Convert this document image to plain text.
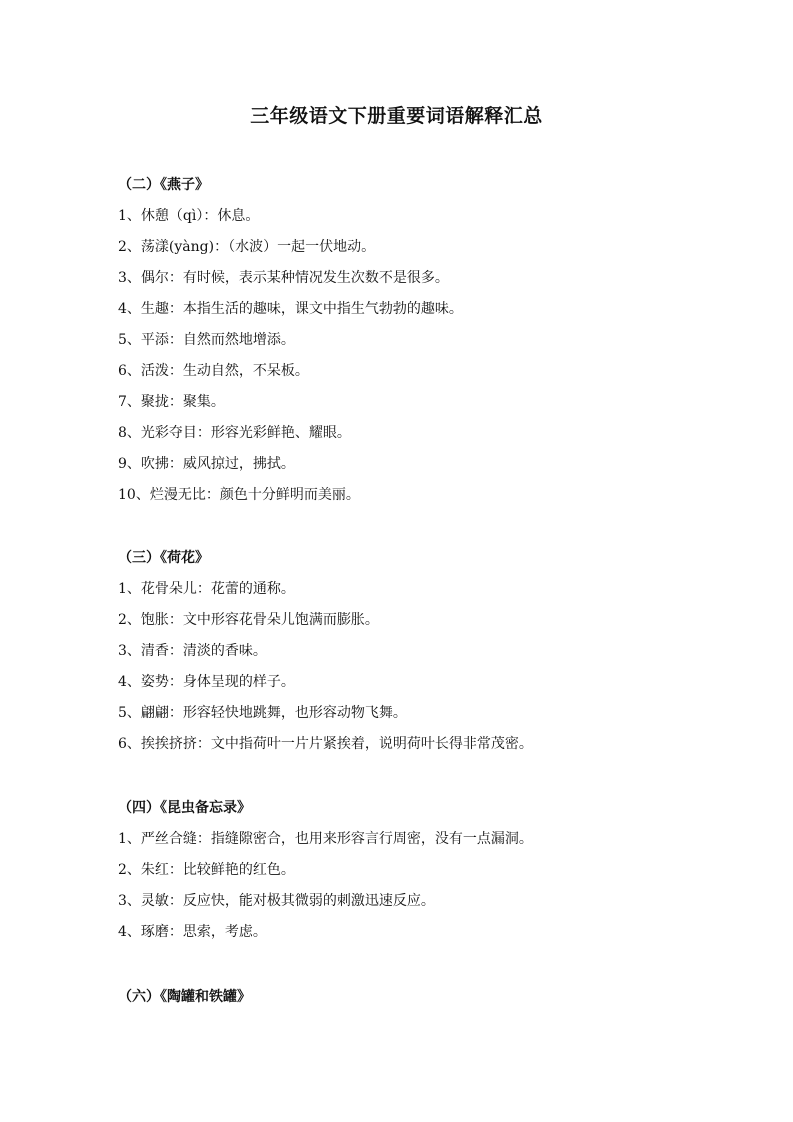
三年级语文下册重要词语解释汇总
（二）《燕子》
1、休憩（qì）：休息。
2、荡漾(yàng)：（水波）一起一伏地动。
3、偶尔：有时候，表示某种情况发生次数不是很多。
4、生趣：本指生活的趣味，课文中指生气勃勃的趣味。
5、平添：自然而然地增添。
6、活泼：生动自然，不呆板。
7、聚拢：聚集。
8、光彩夺目：形容光彩鲜艳、耀眼。
9、吹拂：威风掠过，拂拭。
10、烂漫无比：颜色十分鲜明而美丽。
（三）《荷花》
1、花骨朵儿：花蕾的通称。
2、饱胀：文中形容花骨朵儿饱满而膨胀。
3、清香：清淡的香味。
4、姿势：身体呈现的样子。
5、翩翩：形容轻快地跳舞，也形容动物飞舞。
6、挨挨挤挤：文中指荷叶一片片紧挨着，说明荷叶长得非常茂密。
（四）《昆虫备忘录》
1、严丝合缝：指缝隙密合，也用来形容言行周密，没有一点漏洞。
2、朱红：比较鲜艳的红色。
3、灵敏：反应快，能对极其微弱的刺激迅速反应。
4、琢磨：思索，考虑。
（六）《陶罐和铁罐》
